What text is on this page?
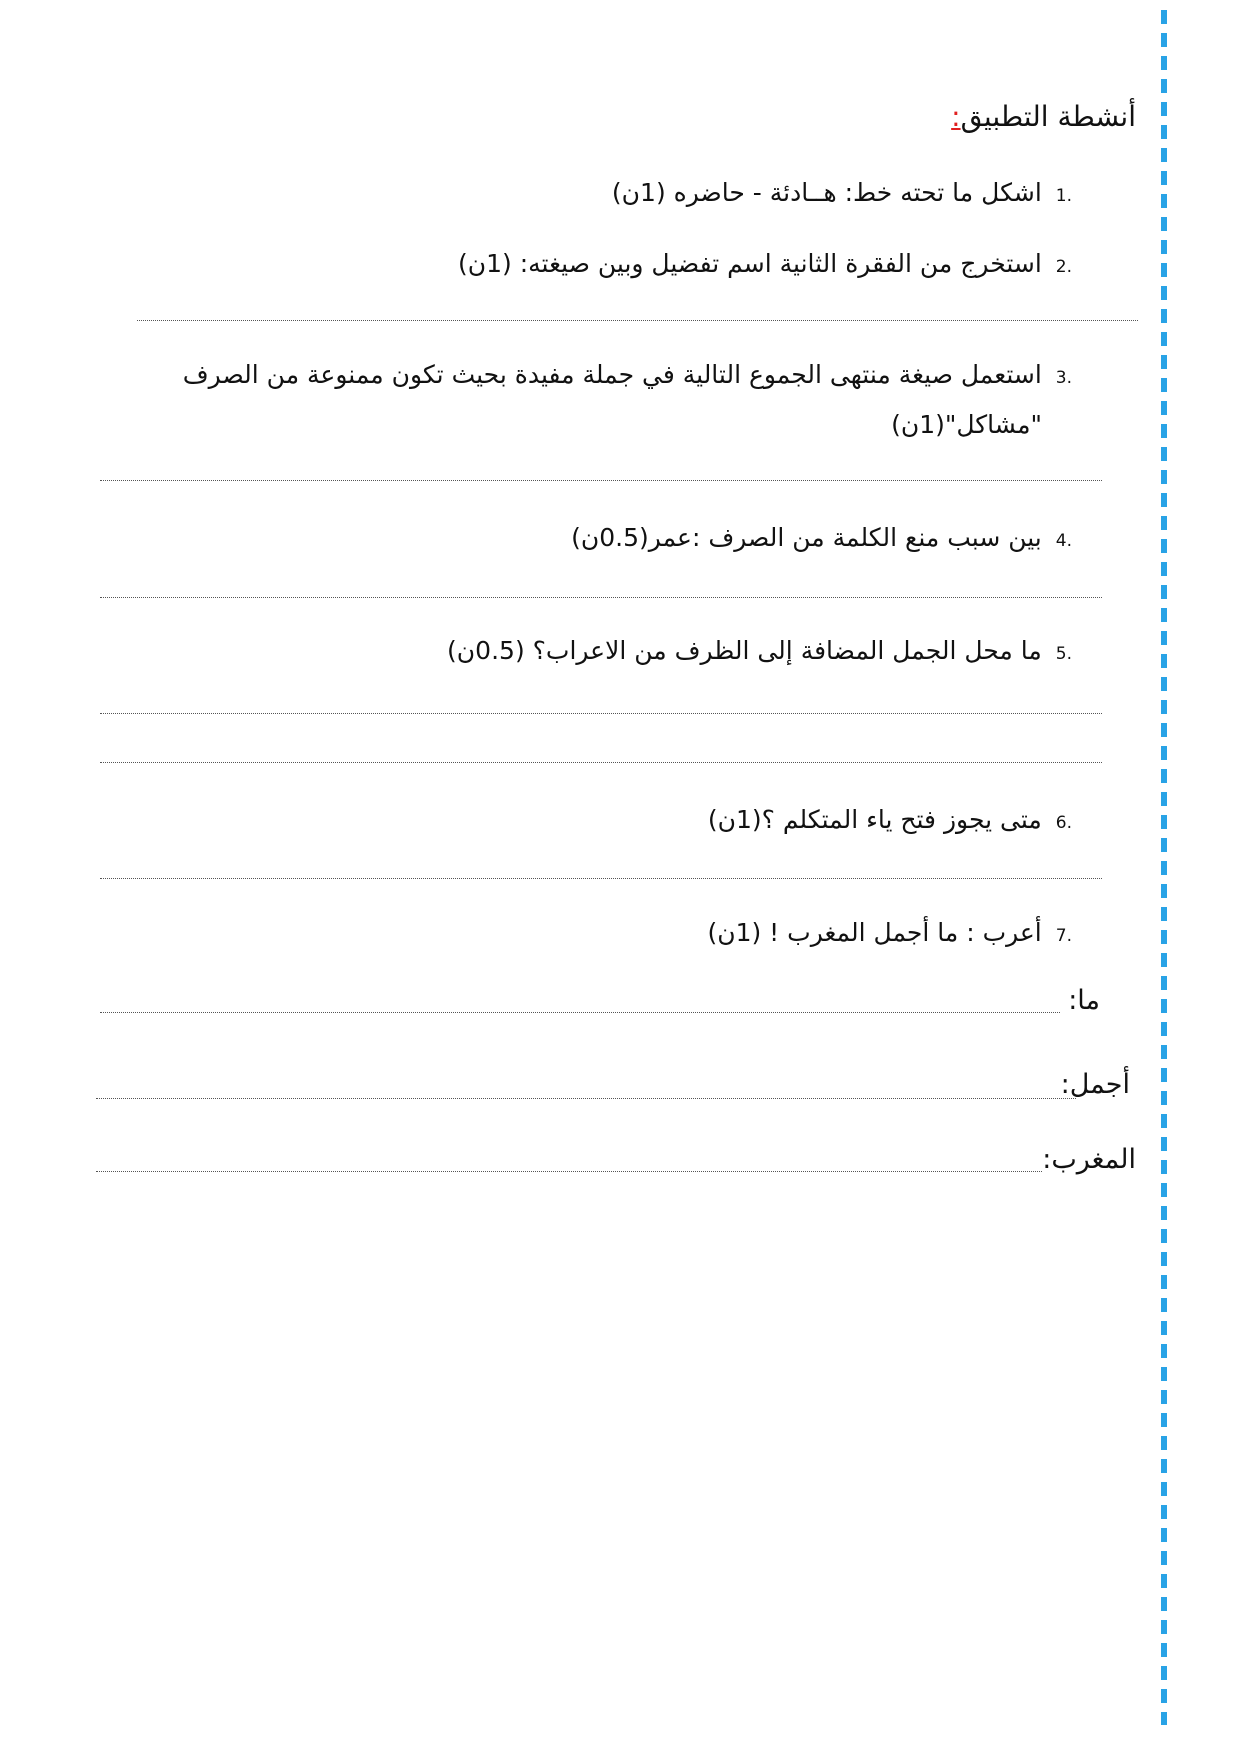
أنشطة التطبيق:
.1اشكل ما تحته خط: هــادئة - حاضره (1ن)
.2استخرج من الفقرة الثانية اسم تفضيل وبين صيغته: (1ن)
.3استعمل صيغة منتهى الجموع التالية في جملة مفيدة بحيث تكون ممنوعة من الصرف
"مشاكل"(1ن)
.4بين سبب منع الكلمة من الصرف :عمر(0.5ن)
.5ما محل الجمل المضافة إلى الظرف من الاعراب؟ (0.5ن)
.6متى يجوز فتح ياء المتكلم ؟(1ن)
.7أعرب : ما أجمل المغرب ! (1ن)
ما:
أجمل:
المغرب:
